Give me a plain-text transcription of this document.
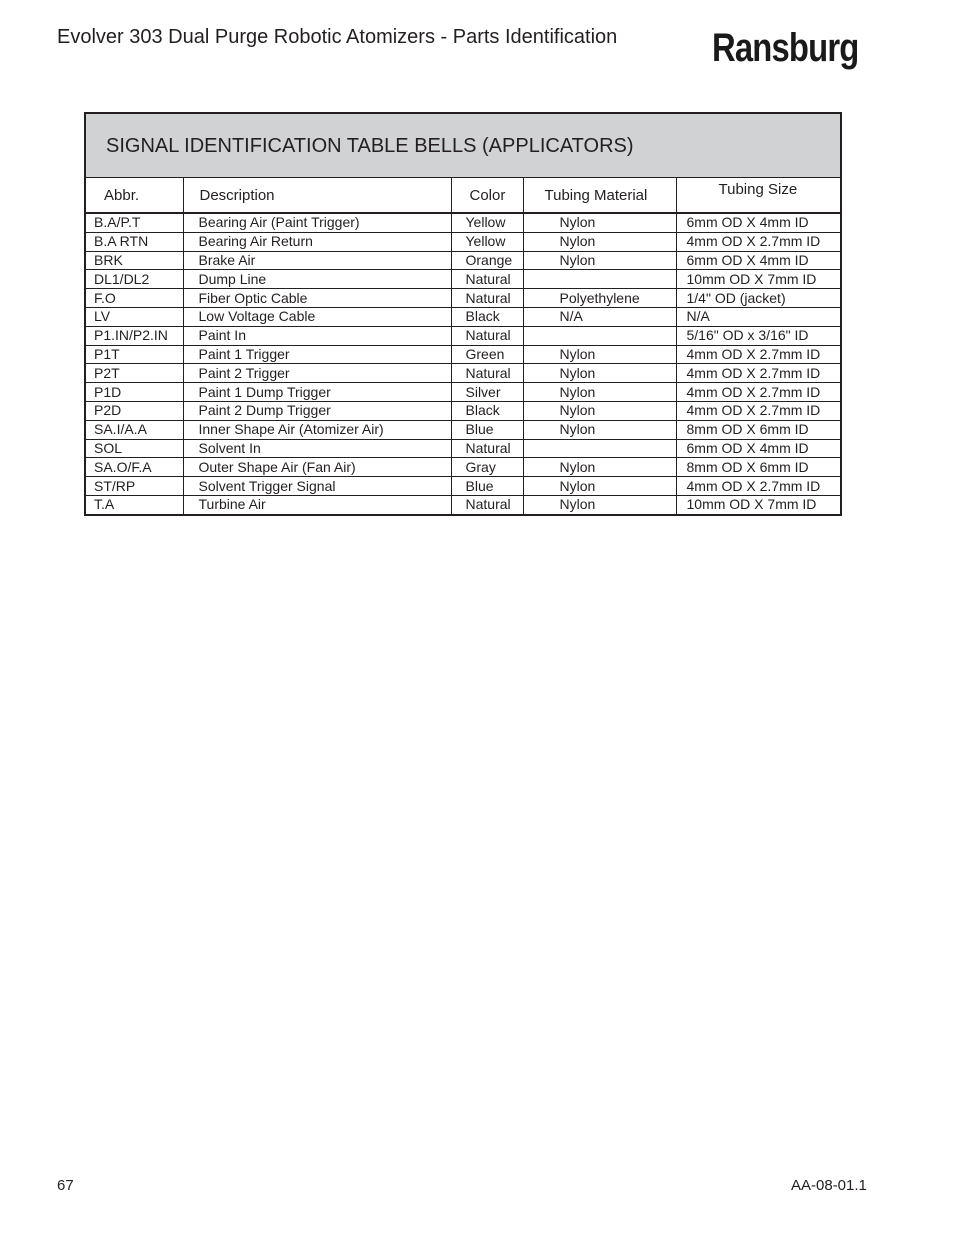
Evolver 303 Dual Purge Robotic Atomizers - Parts Identification Ransburg
SIGNAL IDENTIFICATION TABLE BELLS (APPLICATORS)
Abbr.	Description	Color	Tubing Material	Tubing Size
B.A/P.T	Bearing Air (Paint Trigger)	Yellow	Nylon	6mm OD X 4mm ID
B.A RTN	Bearing Air Return	Yellow	Nylon	4mm OD X 2.7mm ID
BRK	Brake Air	Orange	Nylon	6mm OD X 4mm ID
DL1/DL2	Dump Line	Natural		10mm OD X 7mm ID
F.O	Fiber Optic Cable	Natural	Polyethylene	1/4" OD (jacket)
LV	Low Voltage Cable	Black	N/A	N/A
P1.IN/P2.IN	Paint In	Natural		5/16" OD x 3/16" ID
P1T	Paint 1 Trigger	Green	Nylon	4mm OD X 2.7mm ID
P2T	Paint 2 Trigger	Natural	Nylon	4mm OD X 2.7mm ID
P1D	Paint 1 Dump Trigger	Silver	Nylon	4mm OD X 2.7mm ID
P2D	Paint 2 Dump Trigger	Black	Nylon	4mm OD X 2.7mm ID
SA.I/A.A	Inner Shape Air (Atomizer Air)	Blue	Nylon	8mm OD X 6mm ID
SOL	Solvent In	Natural		6mm OD X 4mm ID
SA.O/F.A	Outer Shape Air (Fan Air)	Gray	Nylon	8mm OD X 6mm ID
ST/RP	Solvent Trigger Signal	Blue	Nylon	4mm OD X 2.7mm ID
T.A	Turbine Air	Natural	Nylon	10mm OD X 7mm ID
67	AA-08-01.1
